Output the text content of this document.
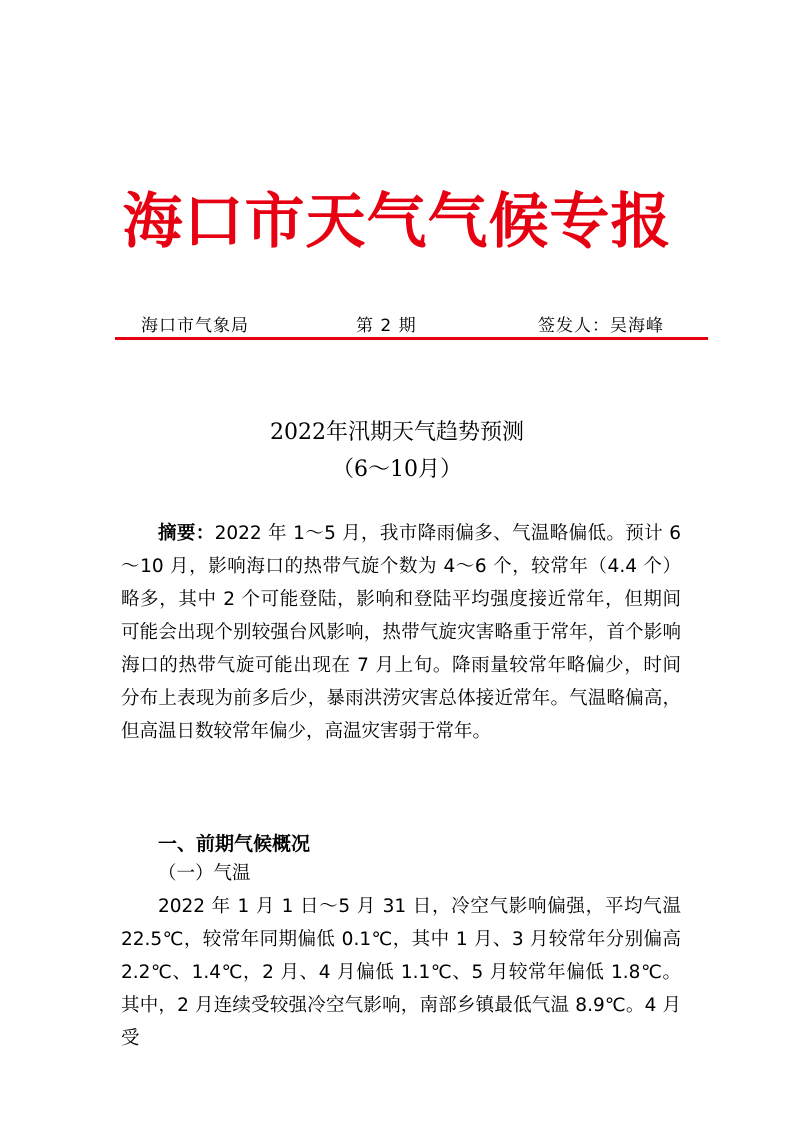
海口市天气气候专报
海口市气象局	第 2 期	签发人：吴海峰
2022年汛期天气趋势预测
（6～10月）
摘要：2022 年 1～5 月，我市降雨偏多、气温略偏低。预计 6～10 月，影响海口的热带气旋个数为 4～6 个，较常年（4.4 个）略多，其中 2 个可能登陆，影响和登陆平均强度接近常年，但期间可能会出现个别较强台风影响，热带气旋灾害略重于常年，首个影响海口的热带气旋可能出现在 7 月上旬。降雨量较常年略偏少，时间分布上表现为前多后少，暴雨洪涝灾害总体接近常年。气温略偏高，但高温日数较常年偏少，高温灾害弱于常年。
一、前期气候概况
（一）气温
2022 年 1 月 1 日～5 月 31 日，冷空气影响偏强，平均气温 22.5℃，较常年同期偏低 0.1℃，其中 1 月、3 月较常年分别偏高 2.2℃、1.4℃，2 月、4 月偏低 1.1℃、5 月较常年偏低 1.8℃。其中，2 月连续受较强冷空气影响，南部乡镇最低气温 8.9℃。4 月受
